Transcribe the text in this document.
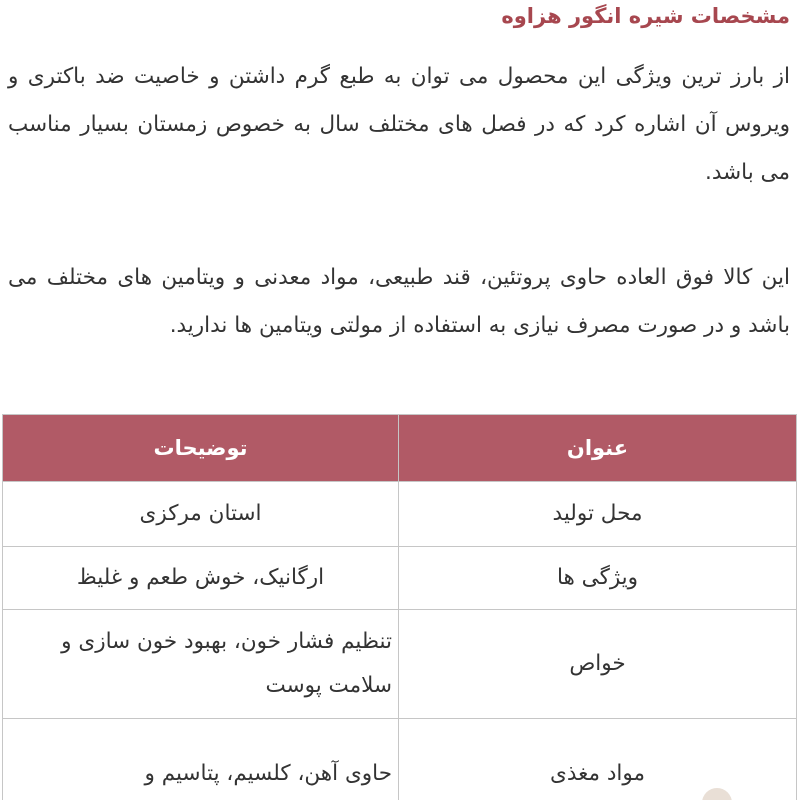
مشخصات شیره انگور هزاوه

از بارز ترین ویژگی این محصول می توان به طبع گرم داشتن و خاصیت ضد باکتری و ویروس آن اشاره کرد که در فصل های مختلف سال به خصوص زمستان بسیار مناسب می باشد.

این کالا فوق العاده حاوی پروتئین، قند طبیعی، مواد معدنی و ویتامین های مختلف می باشد و در صورت مصرف نیازی به استفاده از مولتی ویتامین ها ندارید.

عنوان	توضیحات
محل تولید	استان مرکزی
ویژگی ها	ارگانیک، خوش طعم و غلیظ
خواص	تنظیم فشار خون، بهبود خون سازی و سلامت پوست
مواد مغذی	حاوی آهن، کلسیم، پتاسیم و
